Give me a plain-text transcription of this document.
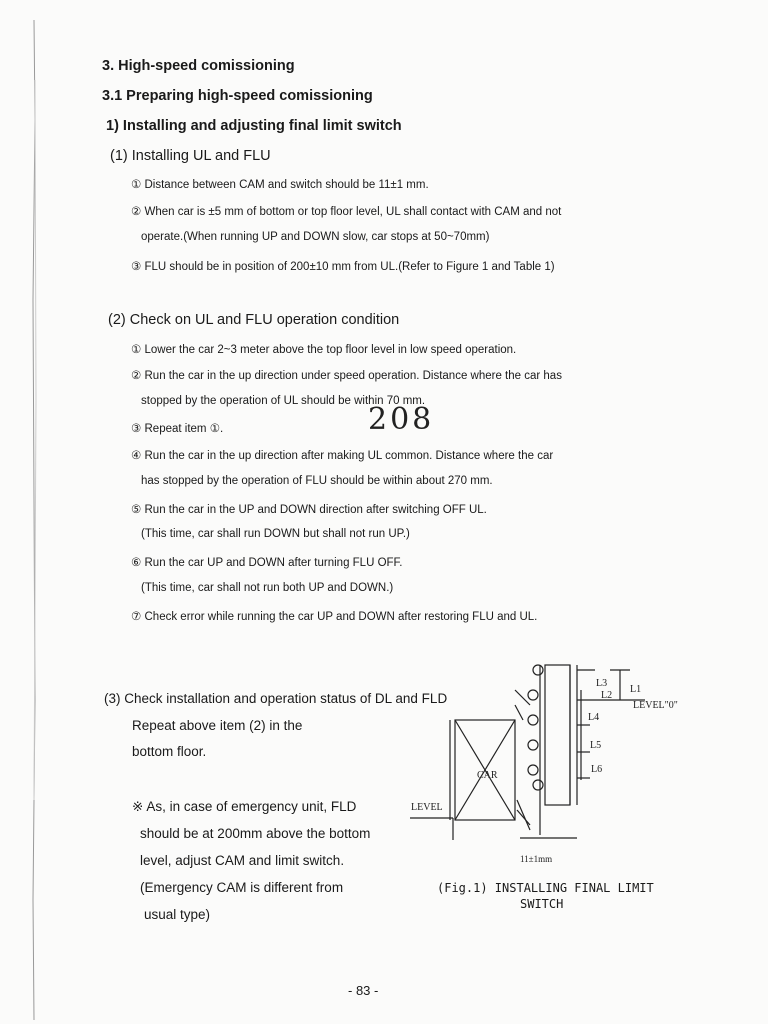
3. High-speed comissioning
3.1 Preparing high-speed comissioning
1) Installing and adjusting final limit switch
(1) Installing UL and FLU
① Distance between CAM and switch should be 11±1 mm.
② When car is ±5 mm of bottom or top floor level, UL shall contact with CAM and not
operate.(When running UP and DOWN slow, car stops at 50~70mm)
③ FLU should be in position of 200±10 mm from UL.(Refer to Figure 1 and Table 1)
(2) Check on UL and FLU operation condition
① Lower the car 2~3 meter above the top floor level in low speed operation.
② Run the car in the up direction under speed operation. Distance where the car has
stopped by the operation of UL should be within 70 mm.
③ Repeat item ①.	208
④ Run the car in the up direction after making UL common. Distance where the car
has stopped by the operation of FLU should be within about 270 mm.
⑤ Run the car in the UP and DOWN direction after switching OFF UL.
(This time, car shall run DOWN but shall not run UP.)
⑥ Run the car UP and DOWN after turning FLU OFF.
(This time, car shall not run both UP and DOWN.)
⑦ Check error while running the car UP and DOWN after restoring FLU and UL.
(3) Check installation and operation status of DL and FLD
Repeat above item (2) in the
bottom floor.
※ As, in case of emergency unit, FLD
should be at 200mm above the bottom
level, adjust CAM and limit switch.
(Emergency CAM is different from
usual type)
L3
L2
L1
L4
L5
L6
LEVEL"0"
CAR
LEVEL
11±1mm
(Fig.1) INSTALLING FINAL LIMIT
SWITCH
- 83 -
